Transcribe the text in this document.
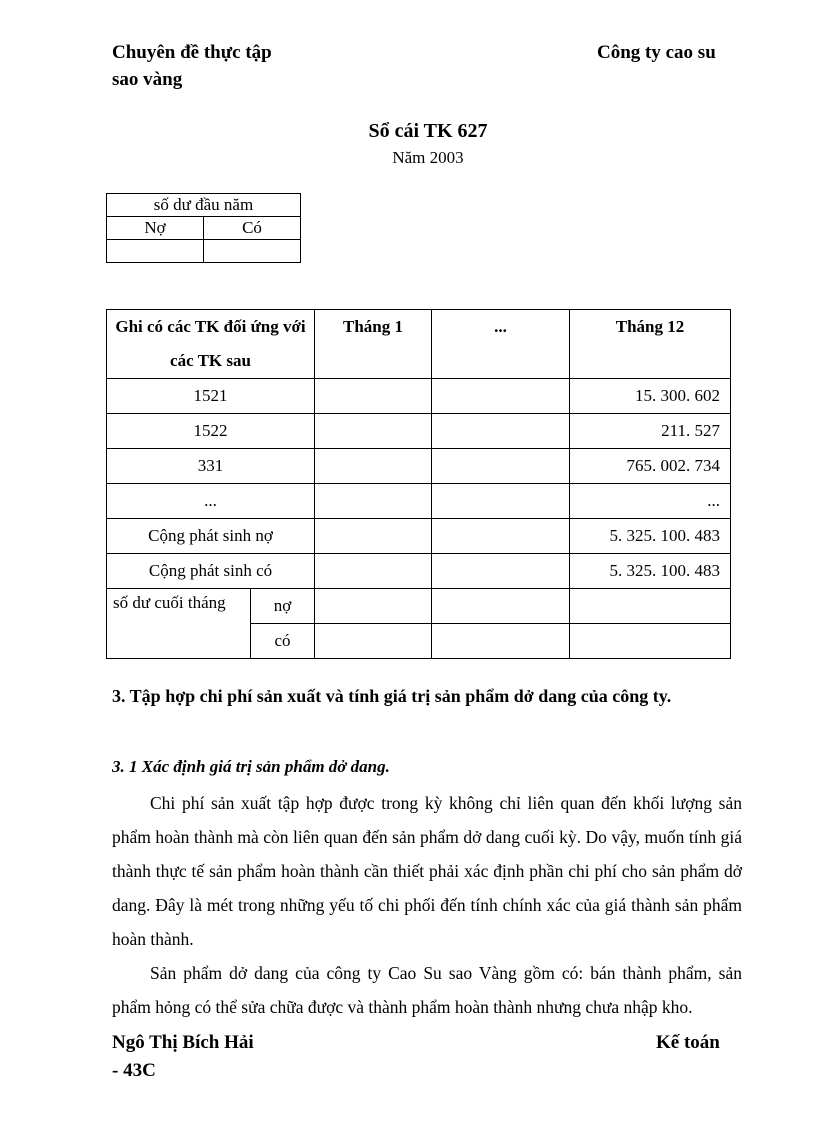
Chuyên đề thực tập
sao vàng
Công ty cao su
Sổ cái TK 627
Năm 2003
số dư đầu năm	
Nợ	Có

Ghi có các TK đối ứng với các TK sau		Tháng 1	...	Tháng 12
1521				15. 300. 602
1522				211. 527
331				765. 002. 734
...				...
Cộng phát sinh nợ				5. 325. 100. 483
Cộng phát sinh có				5. 325. 100. 483
số dư cuối tháng	nợ			
	có			
3. Tập hợp chi phí sản xuất và tính giá trị sản phẩm dở dang của công ty.
3. 1 Xác định giá trị sản phẩm dở dang.
Chi phí sản xuất tập hợp được trong kỳ không chỉ liên quan đến khối lượng sản phẩm hoàn thành mà còn liên quan đến sản phẩm dở dang cuối kỳ. Do vậy, muốn tính giá thành thực tế sản phẩm hoàn thành cần thiết phải xác định phần chi phí cho sản phẩm dở dang. Đây là mét trong những yếu tố chi phối đến tính chính xác của giá thành sản phẩm hoàn thành.
Sản phẩm dở dang của công ty Cao Su sao Vàng gồm có: bán thành phẩm, sản phẩm hỏng có thể sửa chữa được và thành phẩm hoàn thành nhưng chưa nhập kho.
Ngô Thị Bích Hải
- 43C
Kế toán
